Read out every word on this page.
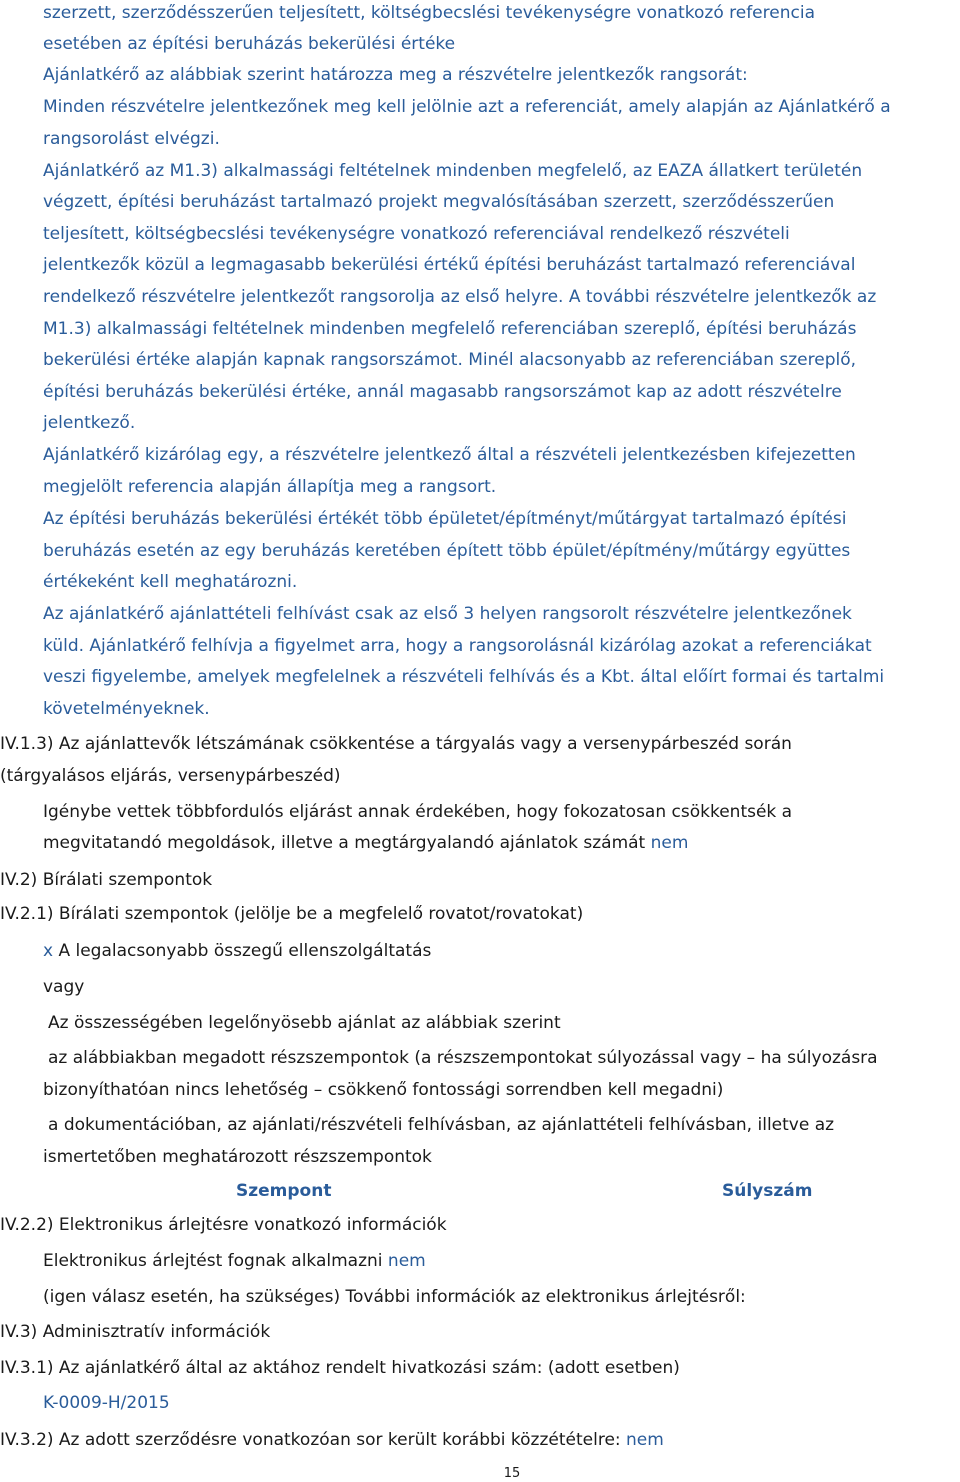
szerzett, szerződésszerűen teljesített, költségbecslési tevékenységre vonatkozó referencia
esetében az építési beruházás bekerülési értéke
Ajánlatkérő az alábbiak szerint határozza meg a részvételre jelentkezők rangsorát:
Minden részvételre jelentkezőnek meg kell jelölnie azt a referenciát, amely alapján az Ajánlatkérő a
rangsorolást elvégzi.
Ajánlatkérő az M1.3) alkalmassági feltételnek mindenben megfelelő, az EAZA állatkert területén
végzett, építési beruházást tartalmazó projekt megvalósításában szerzett, szerződésszerűen
teljesített, költségbecslési tevékenységre vonatkozó referenciával rendelkező részvételi
jelentkezők közül a legmagasabb bekerülési értékű építési beruházást tartalmazó referenciával
rendelkező részvételre jelentkezőt rangsorolja az első helyre. A további részvételre jelentkezők az
M1.3) alkalmassági feltételnek mindenben megfelelő referenciában szereplő, építési beruházás
bekerülési értéke alapján kapnak rangsorszámot. Minél alacsonyabb az referenciában szereplő,
építési beruházás bekerülési értéke, annál magasabb rangsorszámot kap az adott részvételre
jelentkező.
Ajánlatkérő kizárólag egy, a részvételre jelentkező által a részvételi jelentkezésben kifejezetten
megjelölt referencia alapján állapítja meg a rangsort.
Az építési beruházás bekerülési értékét több épületet/építményt/műtárgyat tartalmazó építési
beruházás esetén az egy beruházás keretében épített több épület/építmény/műtárgy együttes
értékeként kell meghatározni.
Az ajánlatkérő ajánlattételi felhívást csak az első 3 helyen rangsorolt részvételre jelentkezőnek
küld. Ajánlatkérő felhívja a figyelmet arra, hogy a rangsorolásnál kizárólag azokat a referenciákat
veszi figyelembe, amelyek megfelelnek a részvételi felhívás és a Kbt. által előírt formai és tartalmi
követelményeknek.
IV.1.3) Az ajánlattevők létszámának csökkentése a tárgyalás vagy a versenypárbeszéd során
(tárgyalásos eljárás, versenypárbeszéd)
Igénybe vettek többfordulós eljárást annak érdekében, hogy fokozatosan csökkentsék a
megvitatandó megoldások, illetve a megtárgyalandó ajánlatok számát nem
IV.2) Bírálati szempontok
IV.2.1) Bírálati szempontok (jelölje be a megfelelő rovatot/rovatokat)
x A legalacsonyabb összegű ellenszolgáltatás
vagy
Az összességében legelőnyösebb ajánlat az alábbiak szerint
az alábbiakban megadott részszempontok (a részszempontokat súlyozással vagy – ha súlyozásra
bizonyíthatóan nincs lehetőség – csökkenő fontossági sorrendben kell megadni)
a dokumentációban, az ajánlati/részvételi felhívásban, az ajánlattételi felhívásban, illetve az
ismertetőben meghatározott részszempontok
Szempont	Súlyszám
IV.2.2) Elektronikus árlejtésre vonatkozó információk
Elektronikus árlejtést fognak alkalmazni nem
(igen válasz esetén, ha szükséges) További információk az elektronikus árlejtésről:
IV.3) Adminisztratív információk
IV.3.1) Az ajánlatkérő által az aktához rendelt hivatkozási szám: (adott esetben)
K-0009-H/2015
IV.3.2) Az adott szerződésre vonatkozóan sor került korábbi közzétételre: nem
15
